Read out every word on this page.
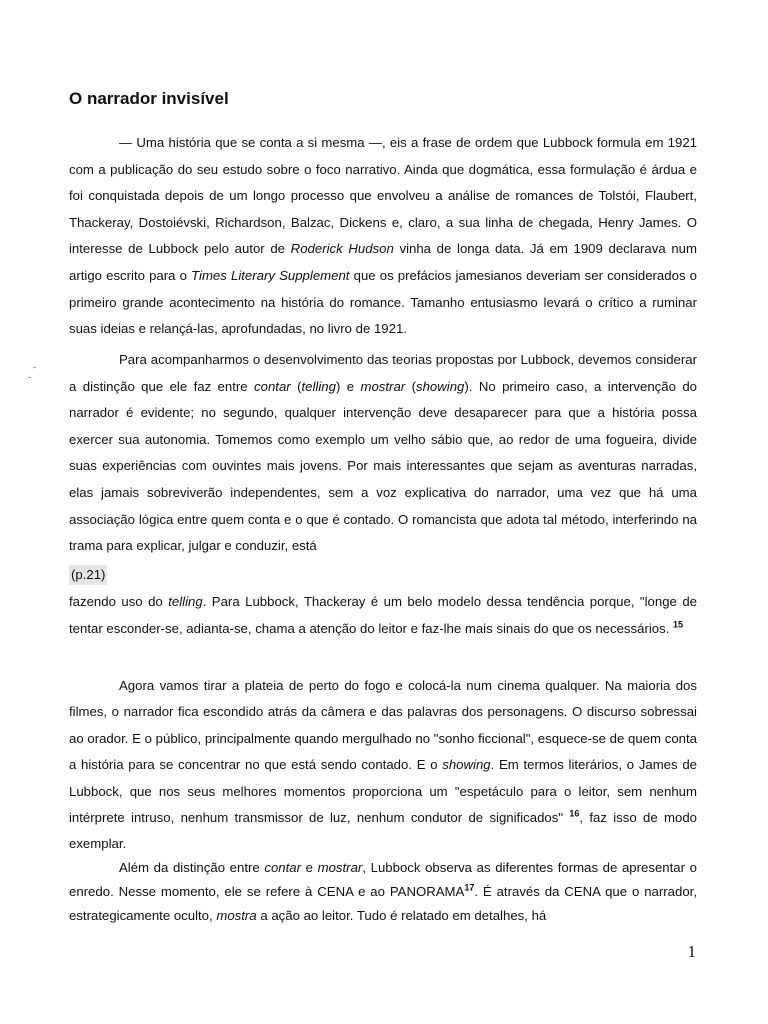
O narrador invisível

— Uma história que se conta a si mesma —, eis a frase de ordem que Lubbock formula em 1921 com a publicação do seu estudo sobre o foco narrativo. Ainda que dogmática, essa formulação é árdua e foi conquistada depois de um longo processo que envolveu a análise de romances de Tolstói, Flaubert, Thackeray, Dostoiévski, Richardson, Balzac, Dickens e, claro, a sua linha de chegada, Henry James. O interesse de Lubbock pelo autor de Roderick Hudson vinha de longa data. Já em 1909 declarava num artigo escrito para o Times Literary Supplement que os prefácios jamesianos deveriam ser considerados o primeiro grande acontecimento na história do romance. Tamanho entusiasmo levará o crítico a ruminar suas ideias e relançá-las, aprofundadas, no livro de 1921.

Para acompanharmos o desenvolvimento das teorias propostas por Lubbock, devemos considerar a distinção que ele faz entre contar (telling) e mostrar (showing). No primeiro caso, a intervenção do narrador é evidente; no segundo, qualquer intervenção deve desaparecer para que a história possa exercer sua autonomia. Tomemos como exemplo um velho sábio que, ao redor de uma fogueira, divide suas experiências com ouvintes mais jovens. Por mais interessantes que sejam as aventuras narradas, elas jamais sobreviverão independentes, sem a voz explicativa do narrador, uma vez que há uma associação lógica entre quem conta e o que é contado. O romancista que adota tal método, interferindo na trama para explicar, julgar e conduzir, está

(p.21)

fazendo uso do telling. Para Lubbock, Thackeray é um belo modelo dessa tendência porque, "longe de tentar esconder-se, adianta-se, chama a atenção do leitor e faz-lhe mais sinais do que os necessários. $^{15}$

Agora vamos tirar a plateia de perto do fogo e colocá-la num cinema qualquer. Na maioria dos filmes, o narrador fica escondido atrás da câmera e das palavras dos personagens. O discurso sobressai ao orador. E o público, principalmente quando mergulhado no "sonho ficcional", esquece-se de quem conta a história para se concentrar no que está sendo contado. E o showing. Em termos literários, o James de Lubbock, que nos seus melhores momentos proporciona um "espetáculo para o leitor, sem nenhum intérprete intruso, nenhum transmissor de luz, nenhum condutor de significados" $^{16}$, faz isso de modo exemplar.

Além da distinção entre contar e mostrar, Lubbock observa as diferentes formas de apresentar o enredo. Nesse momento, ele se refere à CENA e ao PANORAMA$^{17}$. É através da CENA que o narrador, estrategicamente oculto, mostra a ação ao leitor. Tudo é relatado em detalhes, há

1
